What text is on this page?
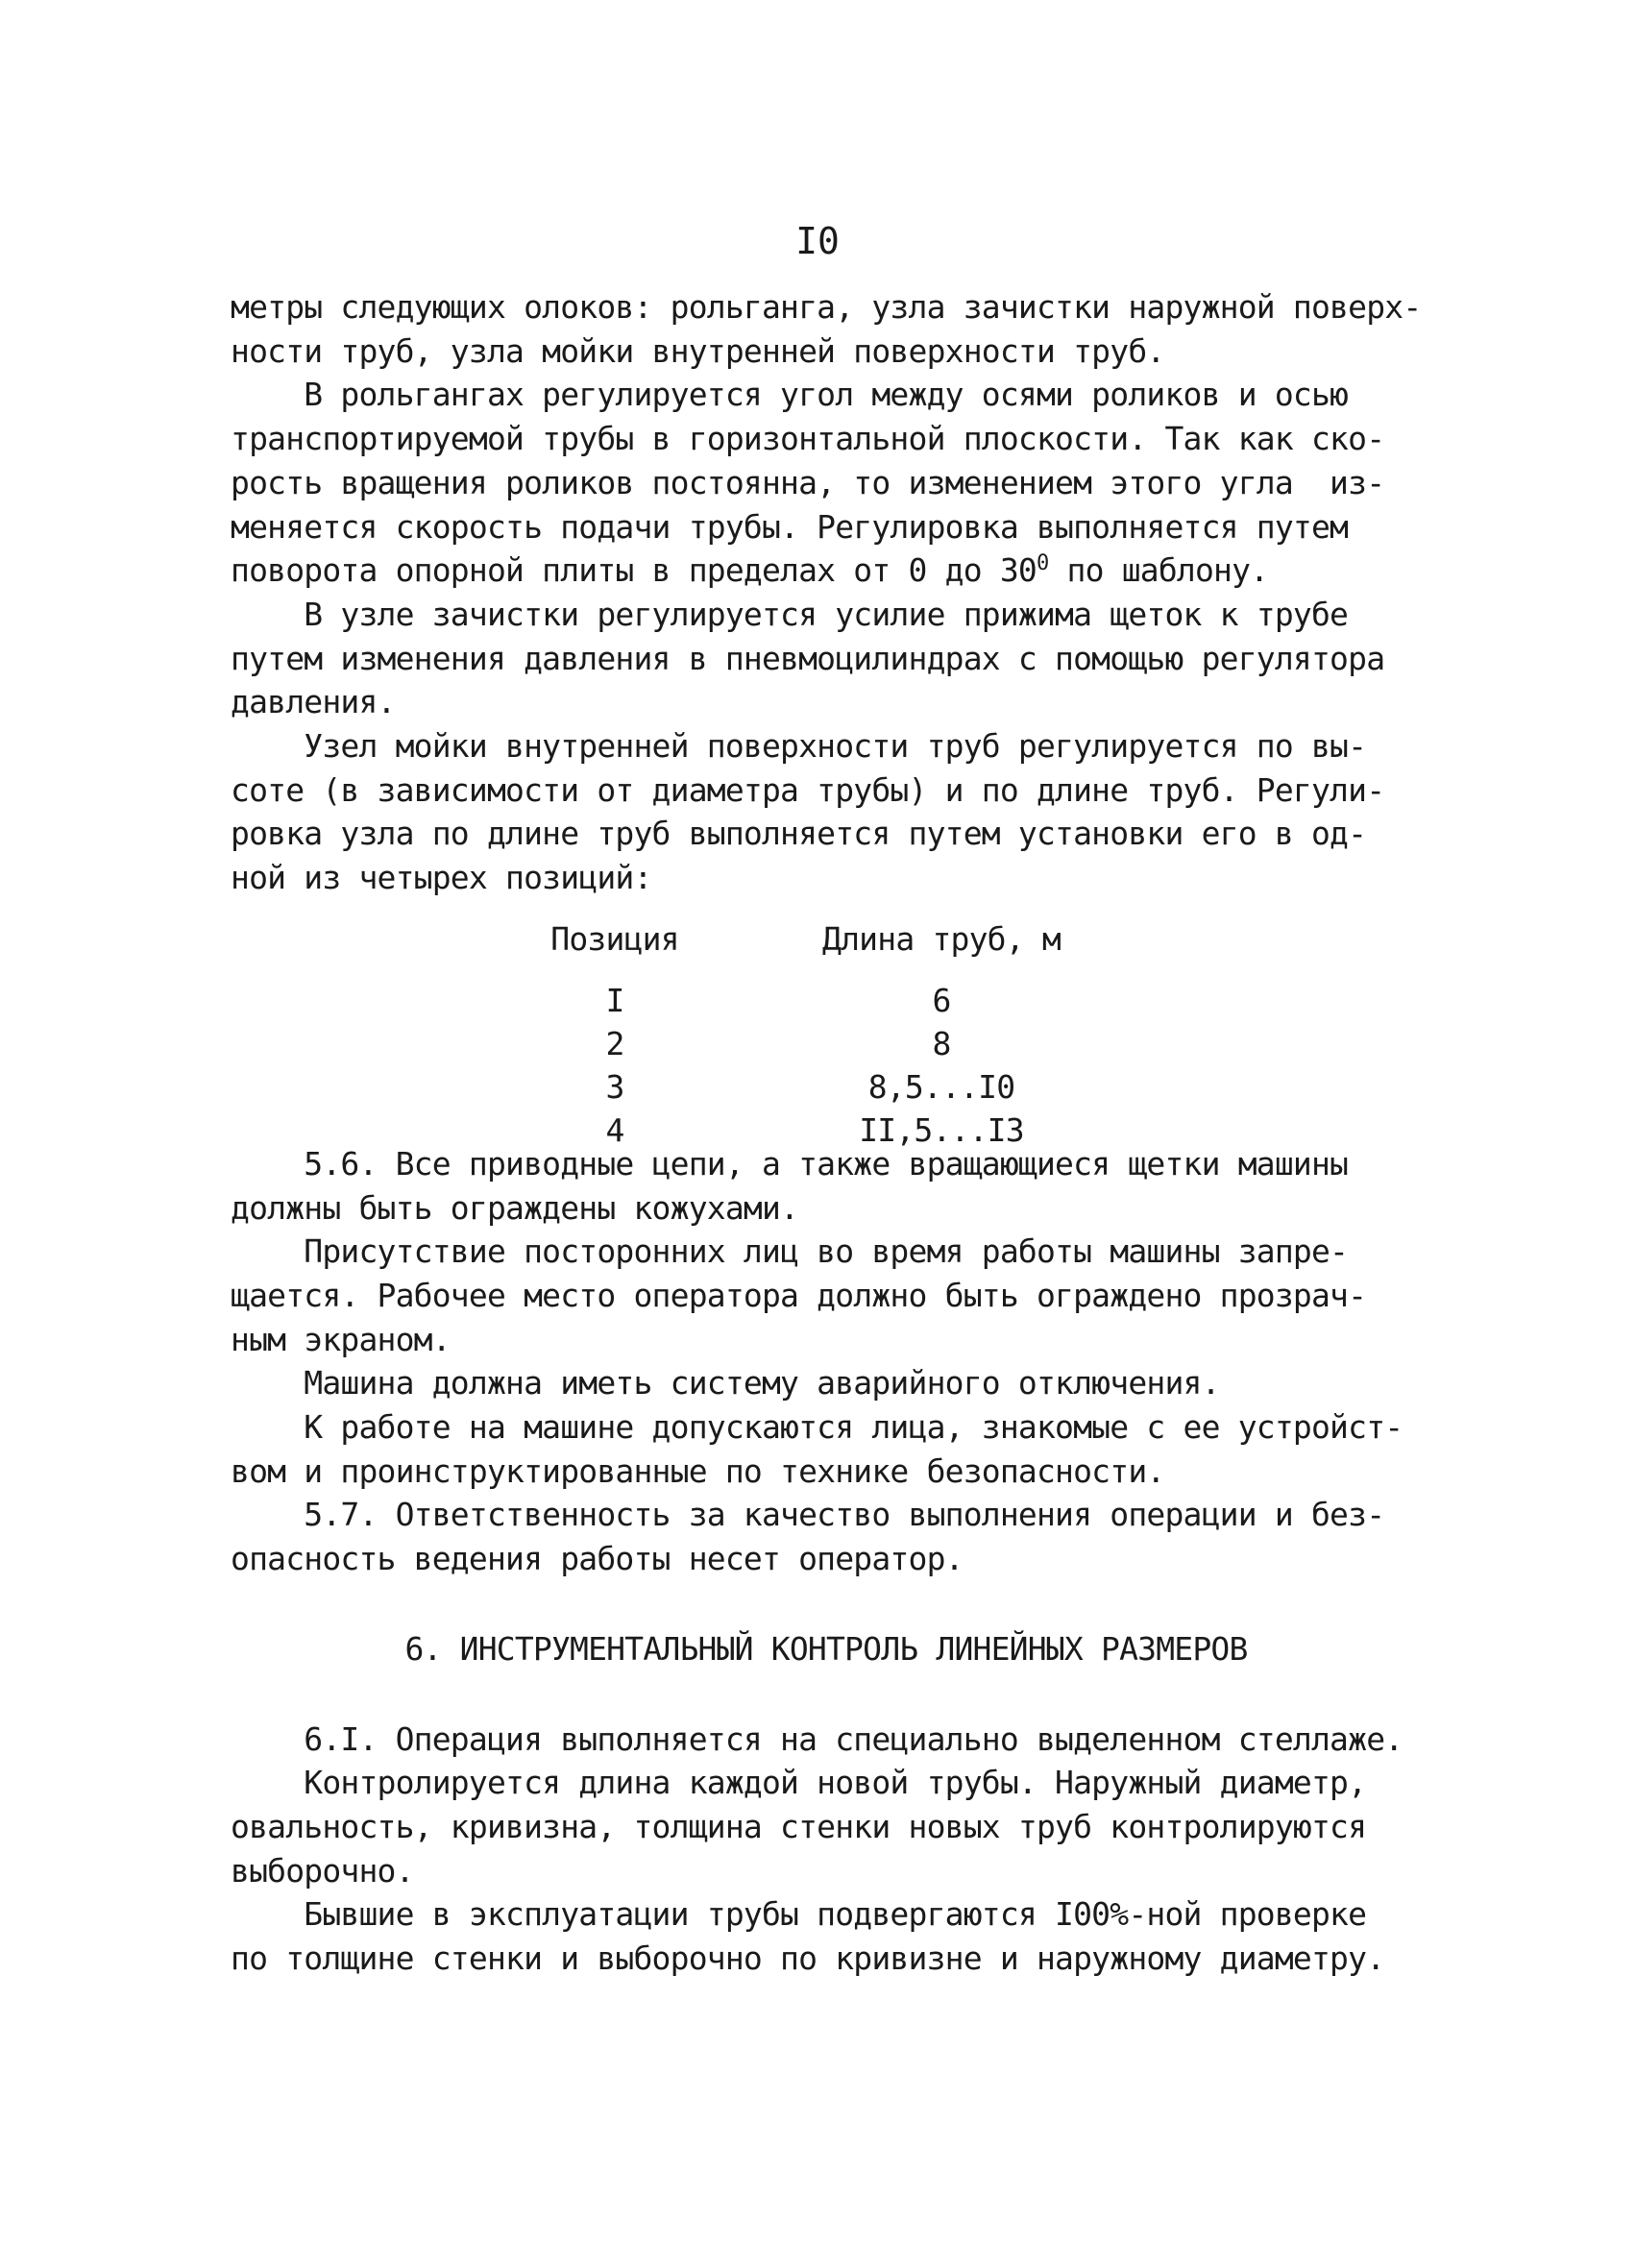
I0

метры следующих олоков: рольганга, узла зачистки наружной поверх-

ности труб, узла мойки внутренней поверхности труб.

В рольгангах регулируется угол между осями роликов и осью

транспортируемой трубы в горизонтальной плоскости. Так как ско-

рость вращения роликов постоянна, то изменением этого угла  из-

меняется скорость подачи трубы. Регулировка выполняется путем

поворота опорной плиты в пределах от 0 до $30^0$ по шаблону.

В узле зачистки регулируется усилие прижима щеток к трубе

путем изменения давления в пневмоцилиндрах с помощью регулятора

давления.

Узел мойки внутренней поверхности труб регулируется по вы-

соте (в зависимости от диаметра трубы) и по длине труб. Регули-

ровка узла по длине труб выполняется путем установки его в од-

ной из четырех позиций:

Позиция	Длина труб, м
I	6
2	8
3	8,5...I0
4	II,5...I3

5.6. Все приводные цепи, а также вращающиеся щетки машины

должны быть ограждены кожухами.

Присутствие посторонних лиц во время работы машины запре-

щается. Рабочее место оператора должно быть ограждено прозрач-

ным экраном.

Машина должна иметь систему аварийного отключения.

К работе на машине допускаются лица, знакомые с ее устройст-

вом и проинструктированные по технике безопасности.

5.7. Ответственность за качество выполнения операции и без-

опасность ведения работы несет оператор.

6. ИНСТРУМЕНТАЛЬНЫЙ КОНТРОЛЬ ЛИНЕЙНЫХ РАЗМЕРОВ

6.I. Операция выполняется на специально выделенном стеллаже.

Контролируется длина каждой новой трубы. Наружный диаметр,

овальность, кривизна, толщина стенки новых труб контролируются

выборочно.

Бывшие в эксплуатации трубы подвергаются I00%-ной проверке

по толщине стенки и выборочно по кривизне и наружному диаметру.
